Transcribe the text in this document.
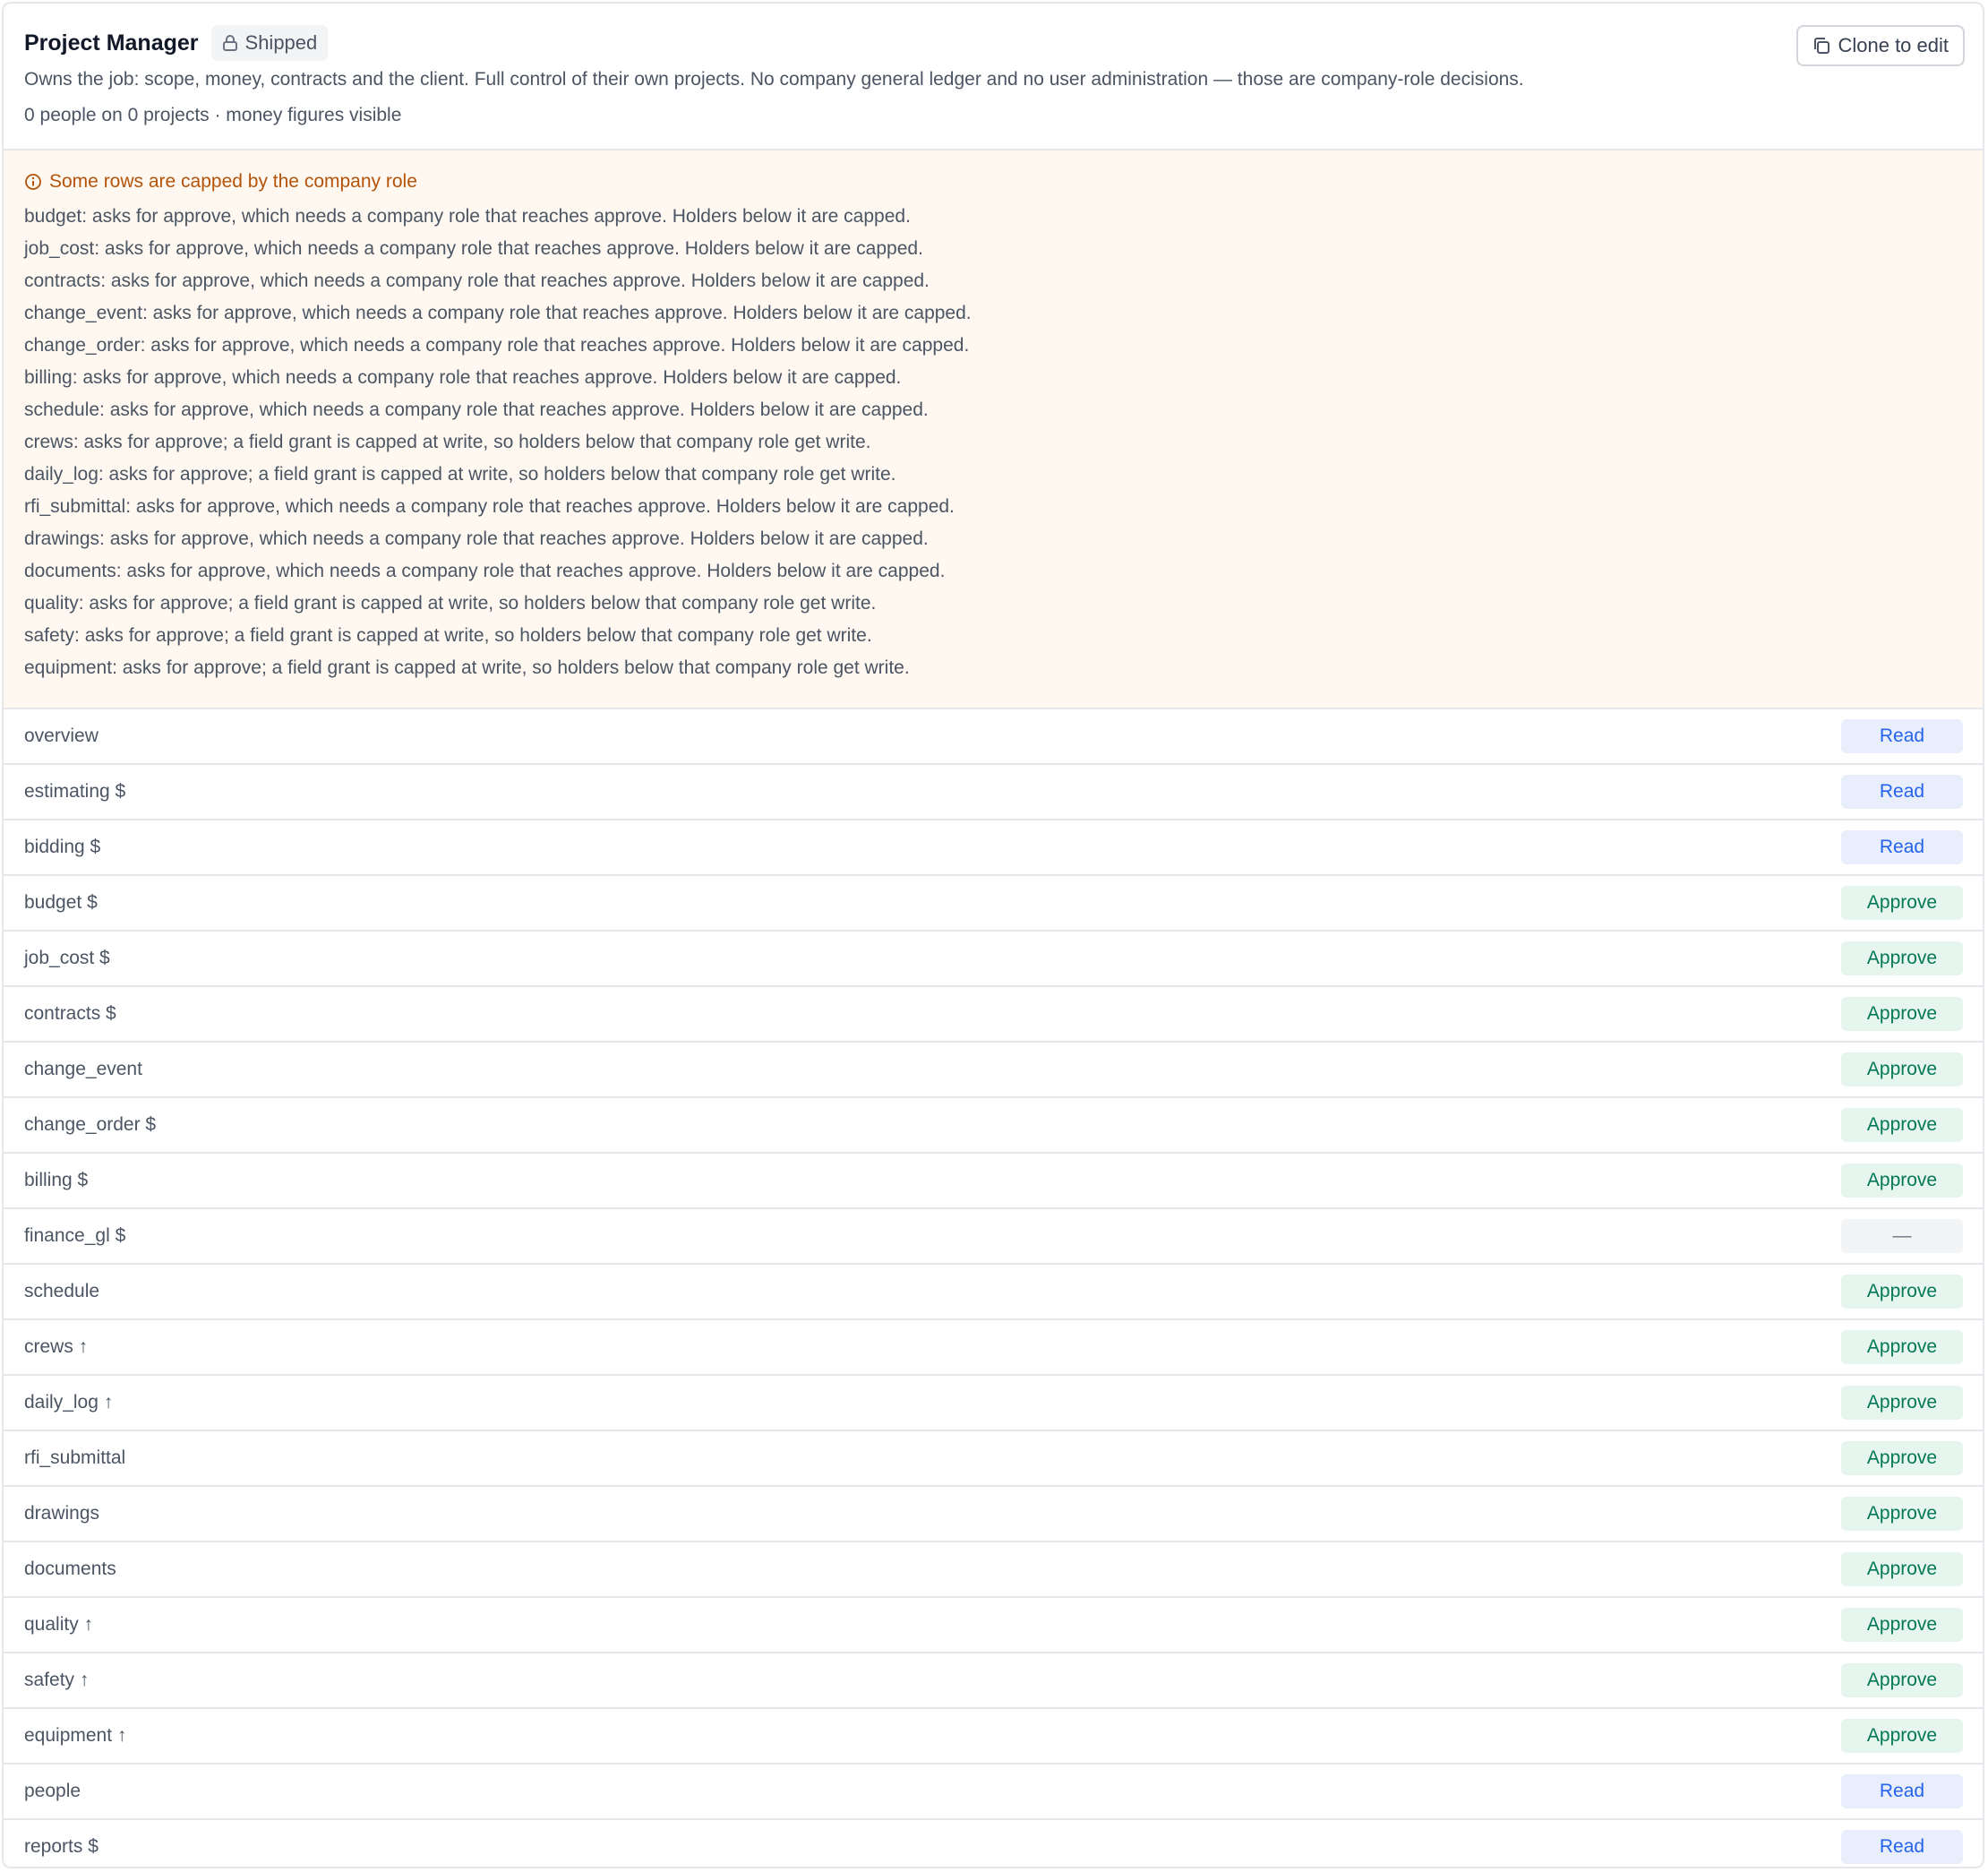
Project Manager Shipped	Clone to edit
Owns the job: scope, money, contracts and the client. Full control of their own projects. No company general ledger and no user administration — those are company-role decisions.
0 people on 0 projects · money figures visible
Some rows are capped by the company role
budget: asks for approve, which needs a company role that reaches approve. Holders below it are capped.
job_cost: asks for approve, which needs a company role that reaches approve. Holders below it are capped.
contracts: asks for approve, which needs a company role that reaches approve. Holders below it are capped.
change_event: asks for approve, which needs a company role that reaches approve. Holders below it are capped.
change_order: asks for approve, which needs a company role that reaches approve. Holders below it are capped.
billing: asks for approve, which needs a company role that reaches approve. Holders below it are capped.
schedule: asks for approve, which needs a company role that reaches approve. Holders below it are capped.
crews: asks for approve; a field grant is capped at write, so holders below that company role get write.
daily_log: asks for approve; a field grant is capped at write, so holders below that company role get write.
rfi_submittal: asks for approve, which needs a company role that reaches approve. Holders below it are capped.
drawings: asks for approve, which needs a company role that reaches approve. Holders below it are capped.
documents: asks for approve, which needs a company role that reaches approve. Holders below it are capped.
quality: asks for approve; a field grant is capped at write, so holders below that company role get write.
safety: asks for approve; a field grant is capped at write, so holders below that company role get write.
equipment: asks for approve; a field grant is capped at write, so holders below that company role get write.
overview	Read
estimating $	Read
bidding $	Read
budget $	Approve
job_cost $	Approve
contracts $	Approve
change_event	Approve
change_order $	Approve
billing $	Approve
finance_gl $	—
schedule	Approve
crews ↑	Approve
daily_log ↑	Approve
rfi_submittal	Approve
drawings	Approve
documents	Approve
quality ↑	Approve
safety ↑	Approve
equipment ↑	Approve
people	Read
reports $	Read
